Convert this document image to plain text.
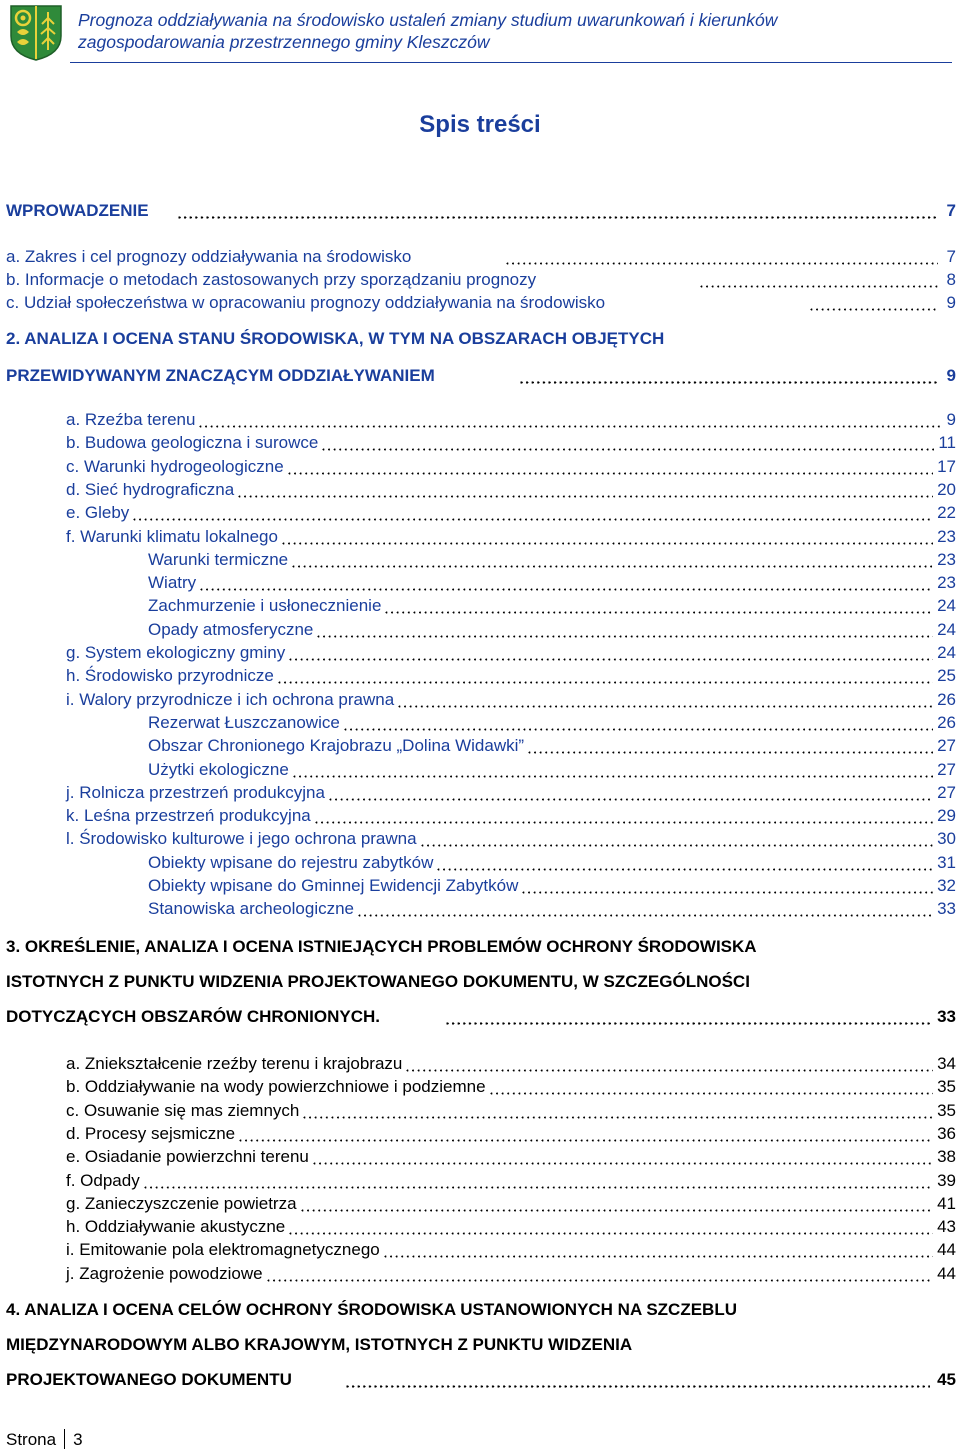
Prognoza oddziaływania na środowisko ustaleń zmiany studium uwarunkowań i kierunków
zagospodarowania przestrzennego gminy Kleszczów
Spis treści
WPROWADZENIE	7
a. Zakres i cel prognozy oddziaływania na środowisko	7
b. Informacje o metodach zastosowanych przy sporządzaniu prognozy	8
c. Udział społeczeństwa w opracowaniu prognozy oddziaływania na środowisko	9
2. ANALIZA I OCENA STANU ŚRODOWISKA, W TYM NA OBSZARACH OBJĘTYCH
PRZEWIDYWANYM ZNACZĄCYM ODDZIAŁYWANIEM	9
a. Rzeźba terenu	9
b. Budowa geologiczna i surowce	11
c. Warunki hydrogeologiczne	17
d. Sieć hydrograficzna	20
e. Gleby	22
f. Warunki klimatu lokalnego	23
Warunki termiczne	23
Wiatry	23
Zachmurzenie i usłonecznienie	24
Opady atmosferyczne	24
g. System ekologiczny gminy	24
h. Środowisko przyrodnicze	25
i. Walory przyrodnicze i ich ochrona prawna	26
Rezerwat Łuszczanowice	26
Obszar Chronionego Krajobrazu „Dolina Widawki”	27
Użytki ekologiczne	27
j. Rolnicza przestrzeń produkcyjna	27
k. Leśna przestrzeń produkcyjna	29
l. Środowisko kulturowe i jego ochrona prawna	30
Obiekty wpisane do rejestru zabytków	31
Obiekty wpisane do Gminnej Ewidencji Zabytków	32
Stanowiska archeologiczne	33
3. OKREŚLENIE, ANALIZA I OCENA ISTNIEJĄCYCH PROBLEMÓW OCHRONY ŚRODOWISKA
ISTOTNYCH Z PUNKTU WIDZENIA PROJEKTOWANEGO DOKUMENTU, W SZCZEGÓLNOŚCI
DOTYCZĄCYCH OBSZARÓW CHRONIONYCH.	33
a. Zniekształcenie rzeźby terenu i krajobrazu	34
b. Oddziaływanie na wody powierzchniowe i podziemne	35
c. Osuwanie się mas ziemnych	35
d. Procesy sejsmiczne	36
e. Osiadanie powierzchni terenu	38
f. Odpady	39
g. Zanieczyszczenie powietrza	41
h. Oddziaływanie akustyczne	43
i. Emitowanie pola elektromagnetycznego	44
j. Zagrożenie powodziowe	44
4. ANALIZA I OCENA CELÓW OCHRONY ŚRODOWISKA USTANOWIONYCH NA SZCZEBLU
MIĘDZYNARODOWYM ALBO KRAJOWYM, ISTOTNYCH Z PUNKTU WIDZENIA
PROJEKTOWANEGO DOKUMENTU	45
Strona 3
